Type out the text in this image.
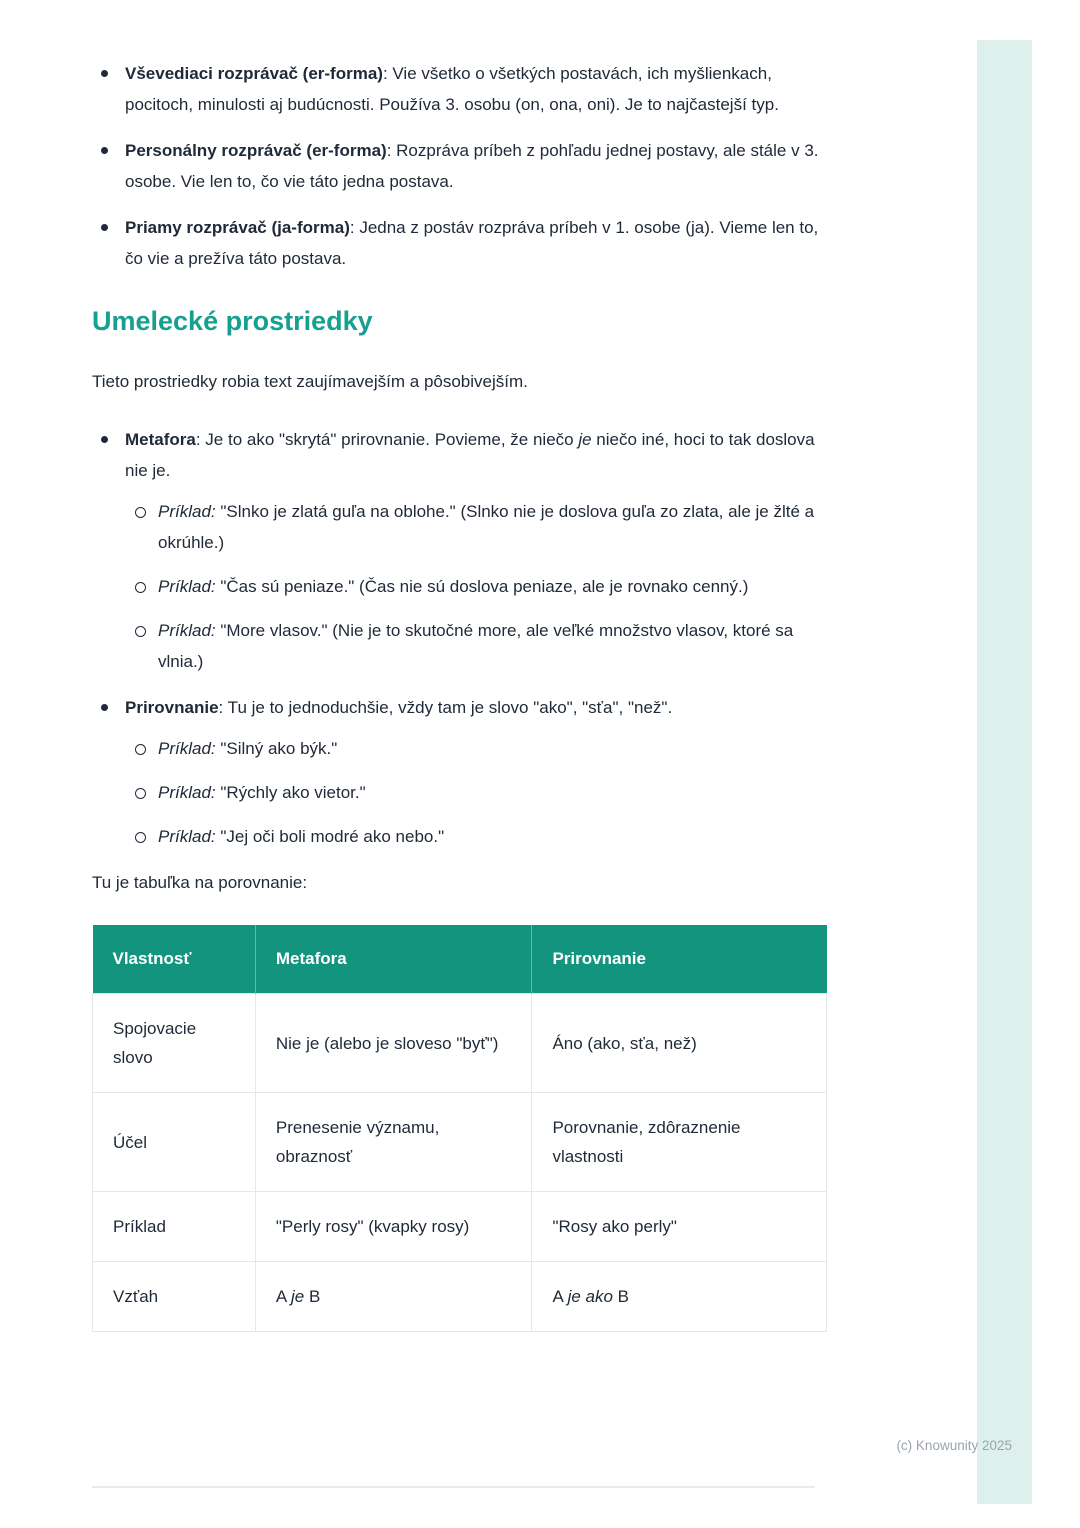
Vševediaci rozprávač (er-forma): Vie všetko o všetkých postavách, ich myšlienkach, pocitoch, minulosti aj budúcnosti. Používa 3. osobu (on, ona, oni). Je to najčastejší typ.
Personálny rozprávač (er-forma): Rozpráva príbeh z pohľadu jednej postavy, ale stále v 3. osobe. Vie len to, čo vie táto jedna postava.
Priamy rozprávač (ja-forma): Jedna z postáv rozpráva príbeh v 1. osobe (ja). Vieme len to, čo vie a prežíva táto postava.
Umelecké prostriedky

Tieto prostriedky robia text zaujímavejším a pôsobivejším.

Metafora: Je to ako "skrytá" prirovnanie. Povieme, že niečo je niečo iné, hoci to tak doslova nie je.
Príklad: "Slnko je zlatá guľa na oblohe." (Slnko nie je doslova guľa zo zlata, ale je žlté a okrúhle.)
Príklad: "Čas sú peniaze." (Čas nie sú doslova peniaze, ale je rovnako cenný.)
Príklad: "More vlasov." (Nie je to skutočné more, ale veľké množstvo vlasov, ktoré sa vlnia.)
Prirovnanie: Tu je to jednoduchšie, vždy tam je slovo "ako", "sťa", "než".
Príklad: "Silný ako býk."
Príklad: "Rýchly ako vietor."
Príklad: "Jej oči boli modré ako nebo."

Tu je tabuľka na porovnanie:

Vlastnosť	Metafora	Prirovnanie
Spojovacie slovo	Nie je (alebo je sloveso "byť")	Áno (ako, sťa, než)
Účel	Prenesenie významu, obraznosť	Porovnanie, zdôraznenie vlastnosti
Príklad	"Perly rosy" (kvapky rosy)	"Rosy ako perly"
Vzťah	A je B	A je ako B
(c) Knowunity 2025
